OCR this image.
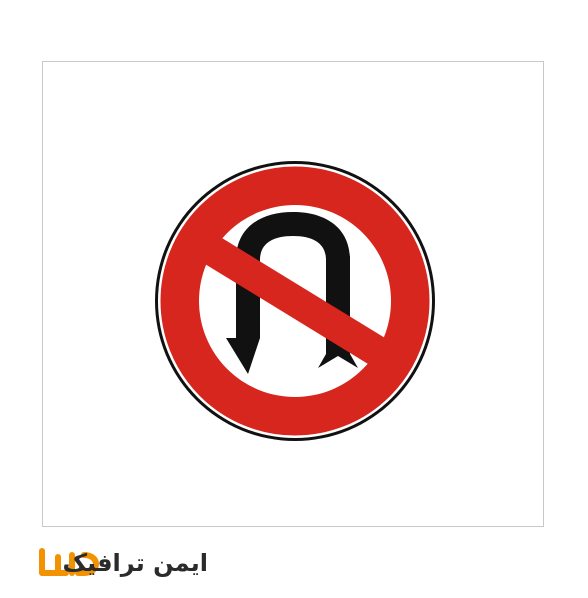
ایمن ترافیک
